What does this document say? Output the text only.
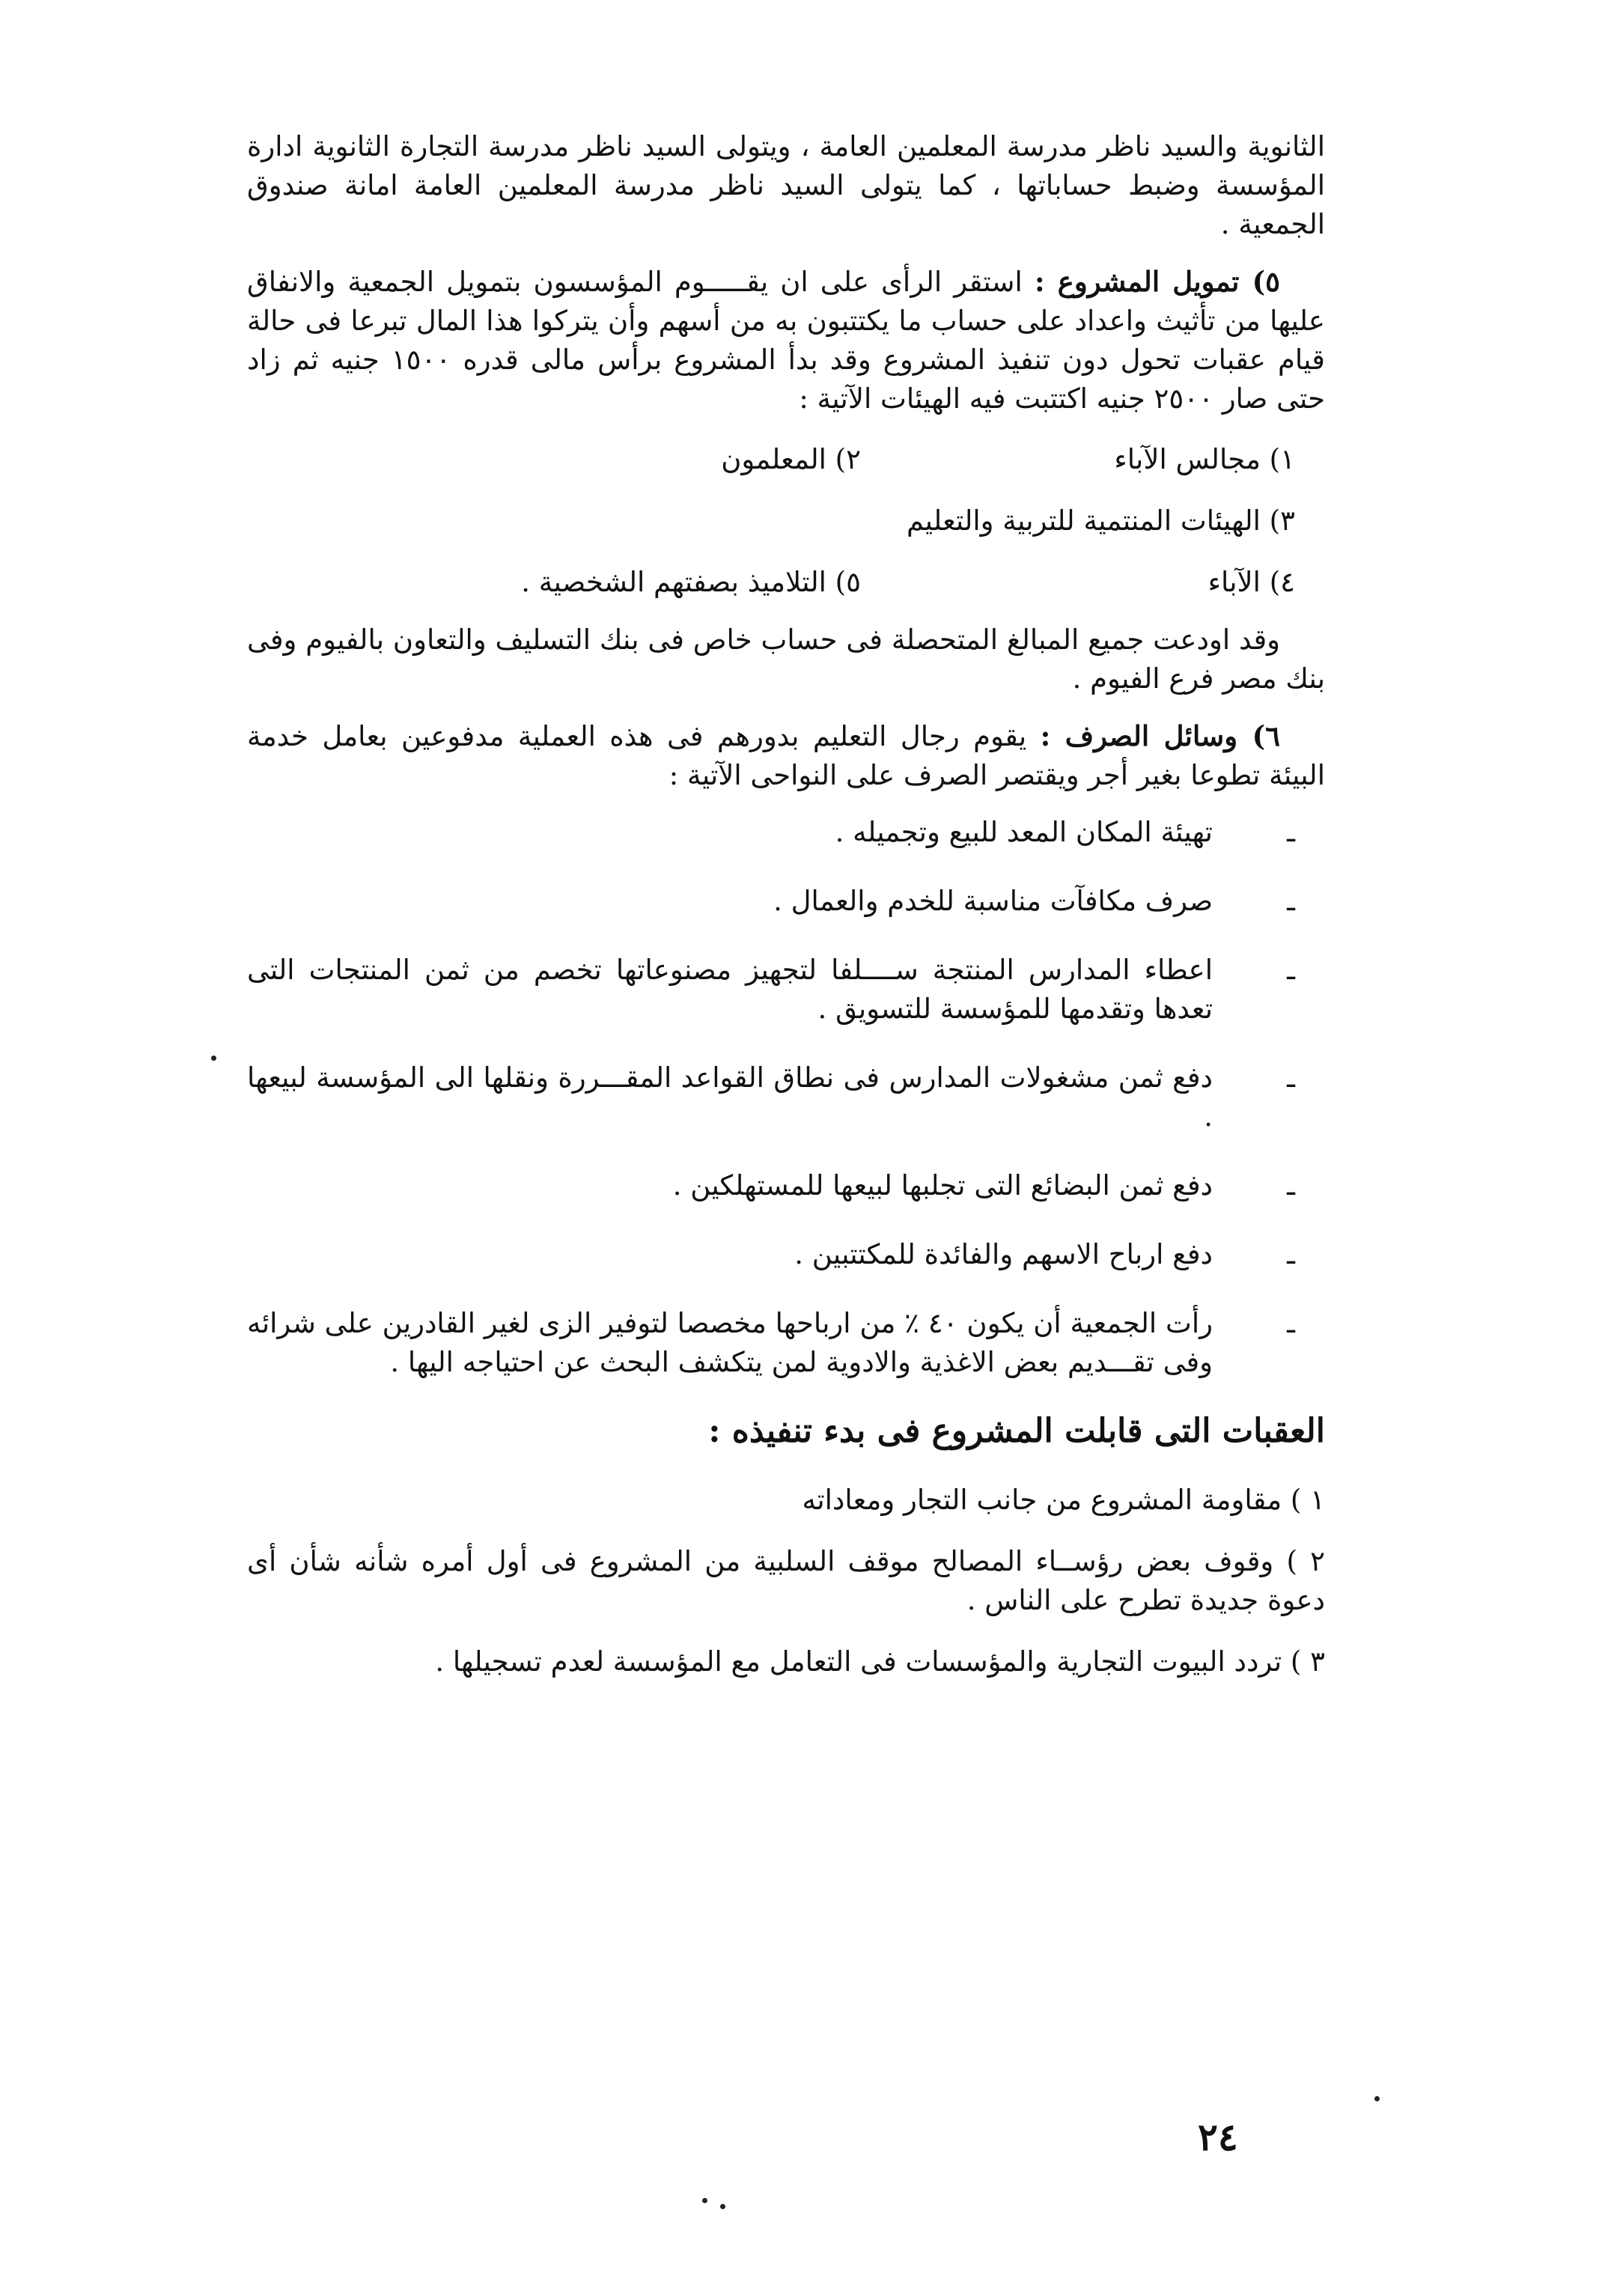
الثانوية والسيد ناظر مدرسة المعلمين العامة ، ويتولى السيد ناظر مدرسة التجارة الثانوية ادارة المؤسسة وضبط حساباتها ، كما يتولى السيد ناظر مدرسة المعلمين العامة امانة صندوق الجمعية .

٥) تمويل المشروع : استقر الرأى على ان يقـــــوم المؤسسون بتمويل الجمعية والانفاق عليها من تأثيث واعداد على حساب ما يكتتبون به من أسهم وأن يتركوا هذا المال تبرعا فى حالة قيام عقبات تحول دون تنفيذ المشروع وقد بدأ المشروع برأس مالى قدره ١٥٠٠ جنيه ثم زاد حتى صار ٢٥٠٠ جنيه اكتتبت فيه الهيئات الآتية :

١) مجالس الآباء
٢) المعلمون
٣) الهيئات المنتمية للتربية والتعليم
٤) الآباء
٥) التلاميذ بصفتهم الشخصية .

وقد اودعت جميع المبالغ المتحصلة فى حساب خاص فى بنك التسليف والتعاون بالفيوم وفى بنك مصر فرع الفيوم .

٦) وسائل الصرف : يقوم رجال التعليم بدورهم فى هذه العملية مدفوعين بعامل خدمة البيئة تطوعا بغير أجر ويقتصر الصرف على النواحى الآتية :

ـ
تهيئة المكان المعد للبيع وتجميله .
ـ
صرف مكافآت مناسبة للخدم والعمال .
ـ
اعطاء المدارس المنتجة ســــلفا لتجهيز مصنوعاتها تخصم من ثمن المنتجات التى تعدها وتقدمها للمؤسسة للتسويق .
ـ
دفع ثمن مشغولات المدارس فى نطاق القواعد المقـــررة ونقلها الى المؤسسة لبيعها .
ـ
دفع ثمن البضائع التى تجلبها لبيعها للمستهلكين .
ـ
دفع ارباح الاسهم والفائدة للمكتتبين .
ـ
رأت الجمعية أن يكون ٤٠ ٪ من ارباحها مخصصا لتوفير الزى لغير القادرين على شرائه وفى تقـــديم بعض الاغذية والادوية لمن يتكشف البحث عن احتياجه اليها .
العقبات التى قابلت المشروع فى بدء تنفيذه :

١ ) مقاومة المشروع من جانب التجار ومعاداته

٢ ) وقوف بعض رؤســاء المصالح موقف السلبية من المشروع فى أول أمره شأنه شأن أى دعوة جديدة تطرح على الناس .

٣ ) تردد البيوت التجارية والمؤسسات فى التعامل مع المؤسسة لعدم تسجيلها .

٢٤
